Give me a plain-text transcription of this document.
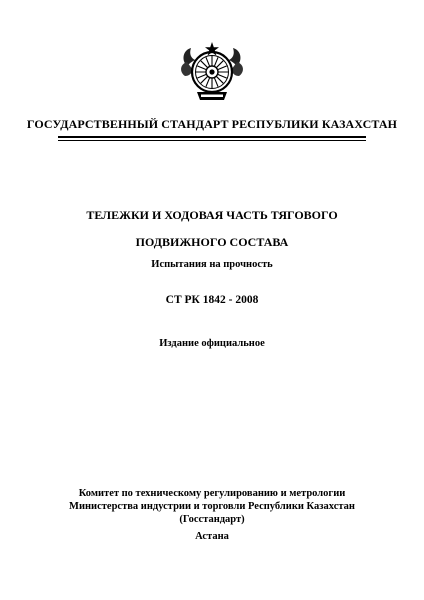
ГОСУДАРСТВЕННЫЙ СТАНДАРТ РЕСПУБЛИКИ КАЗАХСТАН
ТЕЛЕЖКИ И ХОДОВАЯ ЧАСТЬ ТЯГОВОГО
ПОДВИЖНОГО СОСТАВА
Испытания на прочность
СТ РК 1842 - 2008
Издание официальное
Комитет по техническому регулированию и метрологии
Министерства индустрии и торговли Республики Казахстан
(Госстандарт)
Астана
